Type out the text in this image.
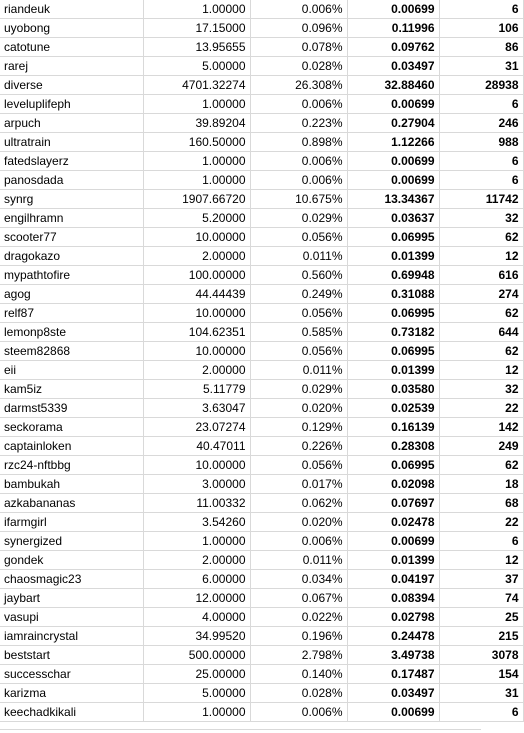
riandeuk	1.00000	0.006%	0.00699	6
uyobong	17.15000	0.096%	0.11996	106
catotune	13.95655	0.078%	0.09762	86
rarej	5.00000	0.028%	0.03497	31
diverse	4701.32274	26.308%	32.88460	28938
leveluplifeph	1.00000	0.006%	0.00699	6
arpuch	39.89204	0.223%	0.27904	246
ultratrain	160.50000	0.898%	1.12266	988
fatedslayerz	1.00000	0.006%	0.00699	6
panosdada	1.00000	0.006%	0.00699	6
synrg	1907.66720	10.675%	13.34367	11742
engilhramn	5.20000	0.029%	0.03637	32
scooter77	10.00000	0.056%	0.06995	62
dragokazo	2.00000	0.011%	0.01399	12
mypathtofire	100.00000	0.560%	0.69948	616
agog	44.44439	0.249%	0.31088	274
relf87	10.00000	0.056%	0.06995	62
lemonp8ste	104.62351	0.585%	0.73182	644
steem82868	10.00000	0.056%	0.06995	62
eii	2.00000	0.011%	0.01399	12
kam5iz	5.11779	0.029%	0.03580	32
darmst5339	3.63047	0.020%	0.02539	22
seckorama	23.07274	0.129%	0.16139	142
captainloken	40.47011	0.226%	0.28308	249
rzc24-nftbbg	10.00000	0.056%	0.06995	62
bambukah	3.00000	0.017%	0.02098	18
azkabananas	11.00332	0.062%	0.07697	68
ifarmgirl	3.54260	0.020%	0.02478	22
synergized	1.00000	0.006%	0.00699	6
gondek	2.00000	0.011%	0.01399	12
chaosmagic23	6.00000	0.034%	0.04197	37
jaybart	12.00000	0.067%	0.08394	74
vasupi	4.00000	0.022%	0.02798	25
iamraincrystal	34.99520	0.196%	0.24478	215
beststart	500.00000	2.798%	3.49738	3078
successchar	25.00000	0.140%	0.17487	154
karizma	5.00000	0.028%	0.03497	31
keechadkikali	1.00000	0.006%	0.00699	6
